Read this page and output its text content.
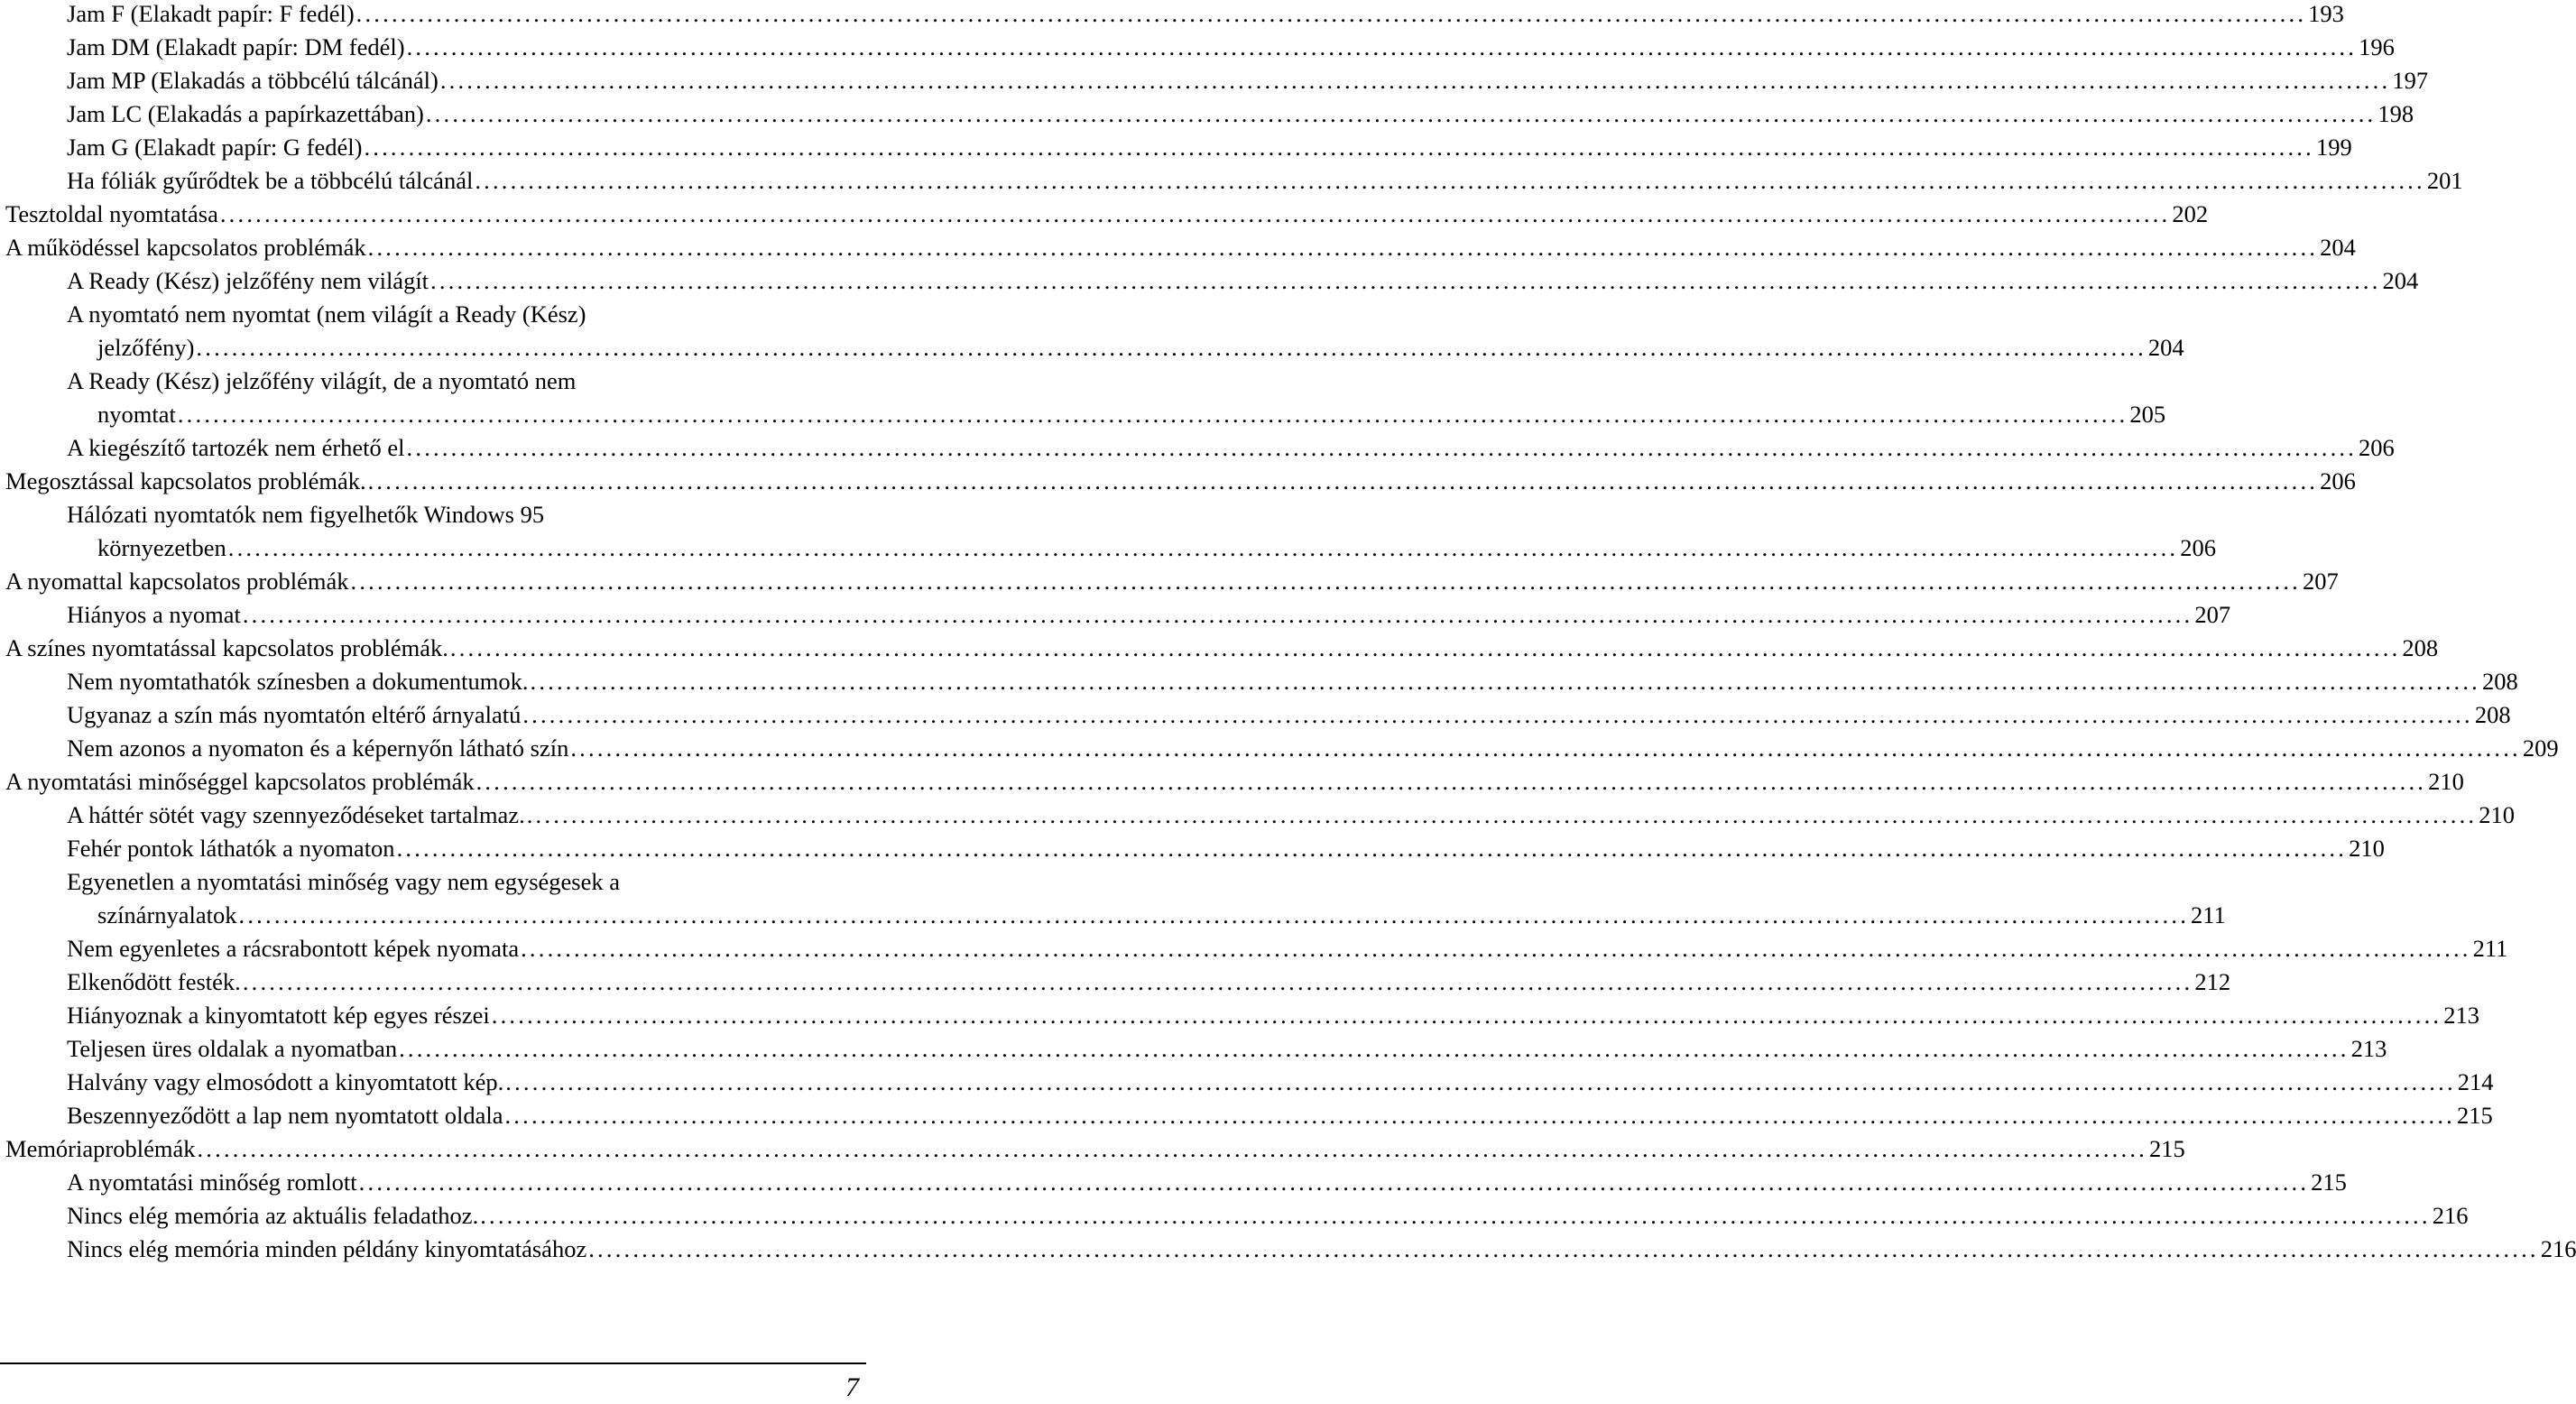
Jam F (Elakadt papír: F fedél) ............................................................................................................................................................................................................................ 193
Jam DM (Elakadt papír: DM fedél) ............................................................................................................................................................................................................................ 196
Jam MP (Elakadás a többcélú tálcánál) ............................................................................................................................................................................................................................ 197
Jam LC (Elakadás a papírkazettában) ............................................................................................................................................................................................................................ 198
Jam G (Elakadt papír: G fedél) ............................................................................................................................................................................................................................ 199
Ha fóliák gyűrődtek be a többcélú tálcánál ............................................................................................................................................................................................................................ 201
Tesztoldal nyomtatása ............................................................................................................................................................................................................................ 202
A működéssel kapcsolatos problémák ............................................................................................................................................................................................................................ 204
A Ready (Kész) jelzőfény nem világít ............................................................................................................................................................................................................................ 204
A nyomtató nem nyomtat (nem világít a Ready (Kész)
jelzőfény) ............................................................................................................................................................................................................................ 204
A Ready (Kész) jelzőfény világít, de a nyomtató nem
nyomtat ............................................................................................................................................................................................................................ 205
A kiegészítő tartozék nem érhető el ............................................................................................................................................................................................................................ 206
Megosztással kapcsolatos problémák. ............................................................................................................................................................................................................................ 206
Hálózati nyomtatók nem figyelhetők Windows 95
környezetben ............................................................................................................................................................................................................................ 206
A nyomattal kapcsolatos problémák ............................................................................................................................................................................................................................ 207
Hiányos a nyomat ............................................................................................................................................................................................................................ 207
A színes nyomtatással kapcsolatos problémák. ............................................................................................................................................................................................................................ 208
Nem nyomtathatók színesben a dokumentumok. ............................................................................................................................................................................................................................ 208
Ugyanaz a szín más nyomtatón eltérő árnyalatú ............................................................................................................................................................................................................................ 208
Nem azonos a nyomaton és a képernyőn látható szín ............................................................................................................................................................................................................................ 209
A nyomtatási minőséggel kapcsolatos problémák ............................................................................................................................................................................................................................ 210
A háttér sötét vagy szennyeződéseket tartalmaz. ............................................................................................................................................................................................................................ 210
Fehér pontok láthatók a nyomaton ............................................................................................................................................................................................................................ 210
Egyenetlen a nyomtatási minőség vagy nem egységesek a
színárnyalatok ............................................................................................................................................................................................................................ 211
Nem egyenletes a rácsrabontott képek nyomata ............................................................................................................................................................................................................................ 211
Elkenődött festék. ............................................................................................................................................................................................................................ 212
Hiányoznak a kinyomtatott kép egyes részei ............................................................................................................................................................................................................................ 213
Teljesen üres oldalak a nyomatban ............................................................................................................................................................................................................................ 213
Halvány vagy elmosódott a kinyomtatott kép. ............................................................................................................................................................................................................................ 214
Beszennyeződött a lap nem nyomtatott oldala ............................................................................................................................................................................................................................ 215
Memóriaproblémák ............................................................................................................................................................................................................................ 215
A nyomtatási minőség romlott ............................................................................................................................................................................................................................ 215
Nincs elég memória az aktuális feladathoz. ............................................................................................................................................................................................................................ 216
Nincs elég memória minden példány kinyomtatásához ............................................................................................................................................................................................................................ 216
7
